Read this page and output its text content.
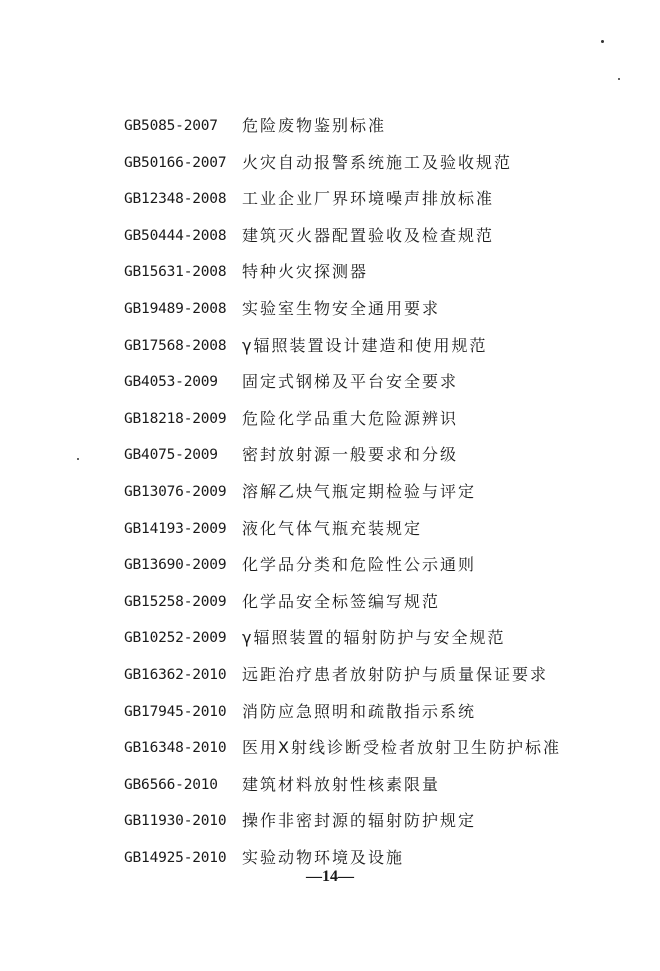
GB5085-2007	危险废物鉴别标准
GB50166-2007 火灾自动报警系统施工及验收规范
GB12348-2008 工业企业厂界环境噪声排放标准
GB50444-2008 建筑灭火器配置验收及检查规范
GB15631-2008 特种火灾探测器
GB19489-2008 实验室生物安全通用要求
GB17568-2008 γ辐照装置设计建造和使用规范
GB4053-2009	固定式钢梯及平台安全要求
GB18218-2009 危险化学品重大危险源辨识
GB4075-2009	密封放射源一般要求和分级
GB13076-2009 溶解乙炔气瓶定期检验与评定
GB14193-2009 液化气体气瓶充装规定
GB13690-2009 化学品分类和危险性公示通则
GB15258-2009 化学品安全标签编写规范
GB10252-2009 γ辐照装置的辐射防护与安全规范
GB16362-2010 远距治疗患者放射防护与质量保证要求
GB17945-2010 消防应急照明和疏散指示系统
GB16348-2010 医用X射线诊断受检者放射卫生防护标准
GB6566-2010	建筑材料放射性核素限量
GB11930-2010 操作非密封源的辐射防护规定
GB14925-2010 实验动物环境及设施
—14—
